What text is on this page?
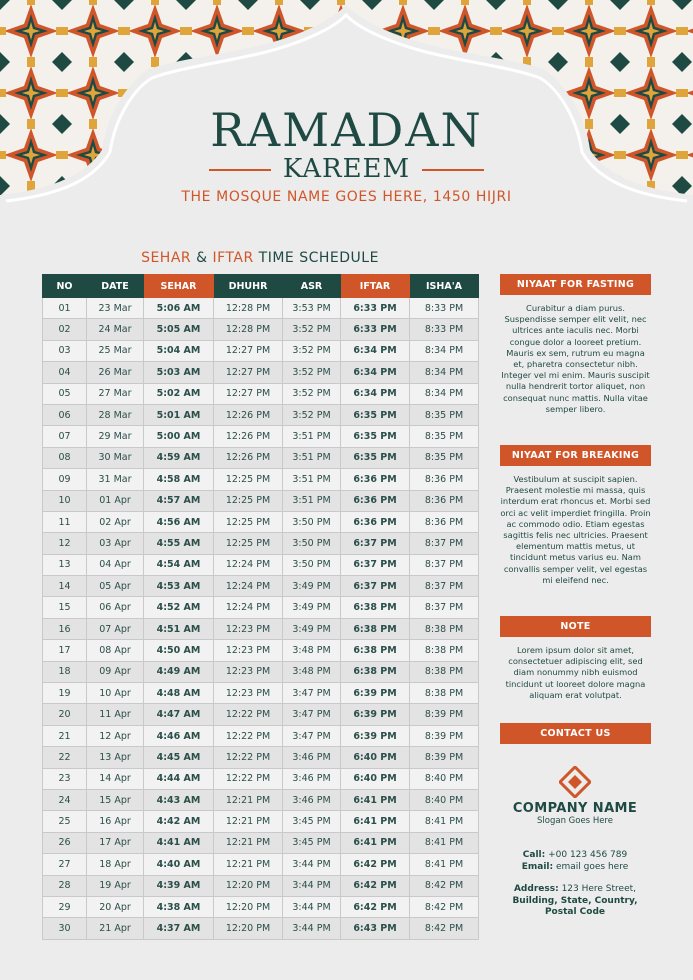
RAMADAN
KAREEM
THE MOSQUE NAME GOES HERE, 1450 HIJRI
SEHAR & IFTAR TIME SCHEDULE
NO	DATE	SEHAR	DHUHR	ASR	IFTAR	ISHA'A
01	23 Mar	5:06 AM	12:28 PM	3:53 PM	6:33 PM	8:33 PM
02	24 Mar	5:05 AM	12:28 PM	3:52 PM	6:33 PM	8:33 PM
03	25 Mar	5:04 AM	12:27 PM	3:52 PM	6:34 PM	8:34 PM
04	26 Mar	5:03 AM	12:27 PM	3:52 PM	6:34 PM	8:34 PM
05	27 Mar	5:02 AM	12:27 PM	3:52 PM	6:34 PM	8:34 PM
06	28 Mar	5:01 AM	12:26 PM	3:52 PM	6:35 PM	8:35 PM
07	29 Mar	5:00 AM	12:26 PM	3:51 PM	6:35 PM	8:35 PM
08	30 Mar	4:59 AM	12:26 PM	3:51 PM	6:35 PM	8:35 PM
09	31 Mar	4:58 AM	12:25 PM	3:51 PM	6:36 PM	8:36 PM
10	01 Apr	4:57 AM	12:25 PM	3:51 PM	6:36 PM	8:36 PM
11	02 Apr	4:56 AM	12:25 PM	3:50 PM	6:36 PM	8:36 PM
12	03 Apr	4:55 AM	12:25 PM	3:50 PM	6:37 PM	8:37 PM
13	04 Apr	4:54 AM	12:24 PM	3:50 PM	6:37 PM	8:37 PM
14	05 Apr	4:53 AM	12:24 PM	3:49 PM	6:37 PM	8:37 PM
15	06 Apr	4:52 AM	12:24 PM	3:49 PM	6:38 PM	8:37 PM
16	07 Apr	4:51 AM	12:23 PM	3:49 PM	6:38 PM	8:38 PM
17	08 Apr	4:50 AM	12:23 PM	3:48 PM	6:38 PM	8:38 PM
18	09 Apr	4:49 AM	12:23 PM	3:48 PM	6:38 PM	8:38 PM
19	10 Apr	4:48 AM	12:23 PM	3:47 PM	6:39 PM	8:38 PM
20	11 Apr	4:47 AM	12:22 PM	3:47 PM	6:39 PM	8:39 PM
21	12 Apr	4:46 AM	12:22 PM	3:47 PM	6:39 PM	8:39 PM
22	13 Apr	4:45 AM	12:22 PM	3:46 PM	6:40 PM	8:39 PM
23	14 Apr	4:44 AM	12:22 PM	3:46 PM	6:40 PM	8:40 PM
24	15 Apr	4:43 AM	12:21 PM	3:46 PM	6:41 PM	8:40 PM
25	16 Apr	4:42 AM	12:21 PM	3:45 PM	6:41 PM	8:41 PM
26	17 Apr	4:41 AM	12:21 PM	3:45 PM	6:41 PM	8:41 PM
27	18 Apr	4:40 AM	12:21 PM	3:44 PM	6:42 PM	8:41 PM
28	19 Apr	4:39 AM	12:20 PM	3:44 PM	6:42 PM	8:42 PM
29	20 Apr	4:38 AM	12:20 PM	3:44 PM	6:42 PM	8:42 PM
30	21 Apr	4:37 AM	12:20 PM	3:44 PM	6:43 PM	8:42 PM
NIYAAT FOR FASTING
Curabitur a diam purus. Suspendisse semper elit velit, nec ultrices ante iaculis nec. Morbi congue dolor a looreet pretium. Mauris ex sem, rutrum eu magna et, pharetra consectetur nibh. Integer vel mi enim. Mauris suscipit nulla hendrerit tortor aliquet, non consequat nunc mattis. Nulla vitae semper libero.
NIYAAT FOR BREAKING
Vestibulum at suscipit sapien. Praesent molestie mi massa, quis interdum erat rhoncus et. Morbi sed orci ac velit imperdiet fringilla. Proin ac commodo odio. Etiam egestas sagittis felis nec ultricies. Praesent elementum mattis metus, ut tincidunt metus varius eu. Nam convallis semper velit, vel egestas mi eleifend nec.
NOTE
Lorem ipsum dolor sit amet, consectetuer adipiscing elit, sed diam nonummy nibh euismod tincidunt ut looreet dolore magna aliquam erat volutpat.
CONTACT US
COMPANY NAME
Slogan Goes Here
Call: +00 123 456 789
Email: email goes here
Address: 123 Here Street,
Building, State, Country,
Postal Code
